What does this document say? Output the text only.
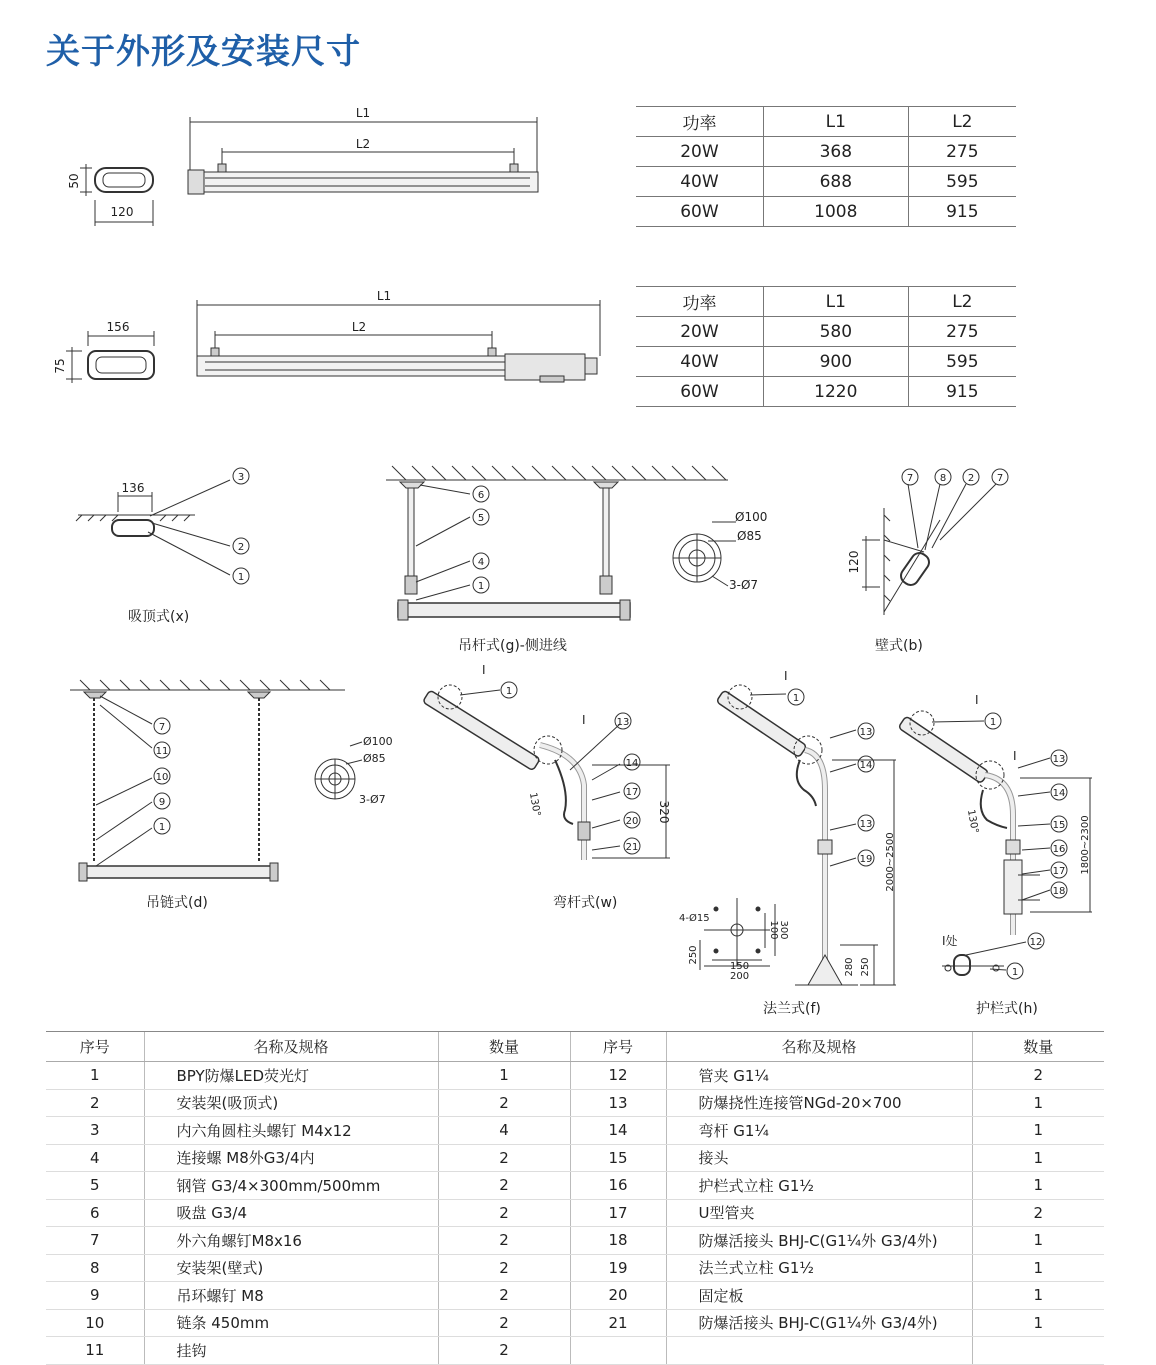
关于外形及安装尺寸
功率	L1	L2
20W	368	275
40W	688	595
60W	1008	915
功率	L1	L2
20W	580	275
40W	900	595
60W	1220	915
50
120
L1
L2
156
75
L1
L2
136
3
2
1
6
5
4
1
Ø100
Ø85
3-Ø7
120
7	8 2 7
7
11
10
9
1
Ø100
Ø85
3-Ø7
1
13
14
17
20
21
I
I
320
130°
1
13
14
13
19
I
2000~2500
4-Ø15
150
200
100 300
250
280 250
1
13
14
15
16
17
18
12
1
I
I
I处
130°	1800~2300
吸顶式(x)
吊杆式(g)-侧进线	壁式(b)
吊链式(d)	弯杆式(w)
法兰式(f)	护栏式(h)
序号	名称及规格	数量	序号	名称及规格	数量
1	BPY防爆LED荧光灯	1	12	管夹 G1¼	2
2	安装架(吸顶式)	2	13	防爆挠性连接管NGd-20×700	1
3	内六角圆柱头螺钉 M4x12	4	14	弯杆 G1¼	1
4	连接螺 M8外G3/4内	2	15	接头	1
5	钢管 G3/4×300mm/500mm	2	16	护栏式立柱 G1½	1
6	吸盘 G3/4	2	17	U型管夹	2
7	外六角螺钉M8x16	2	18	防爆活接头 BHJ-C(G1¼外 G3/4外)	1
8	安装架(壁式)	2	19	法兰式立柱 G1½	1
9	吊环螺钉 M8	2	20	固定板	1
10	链条 450mm	2	21	防爆活接头 BHJ-C(G1¼外 G3/4外)	1
11	挂钩	2			
